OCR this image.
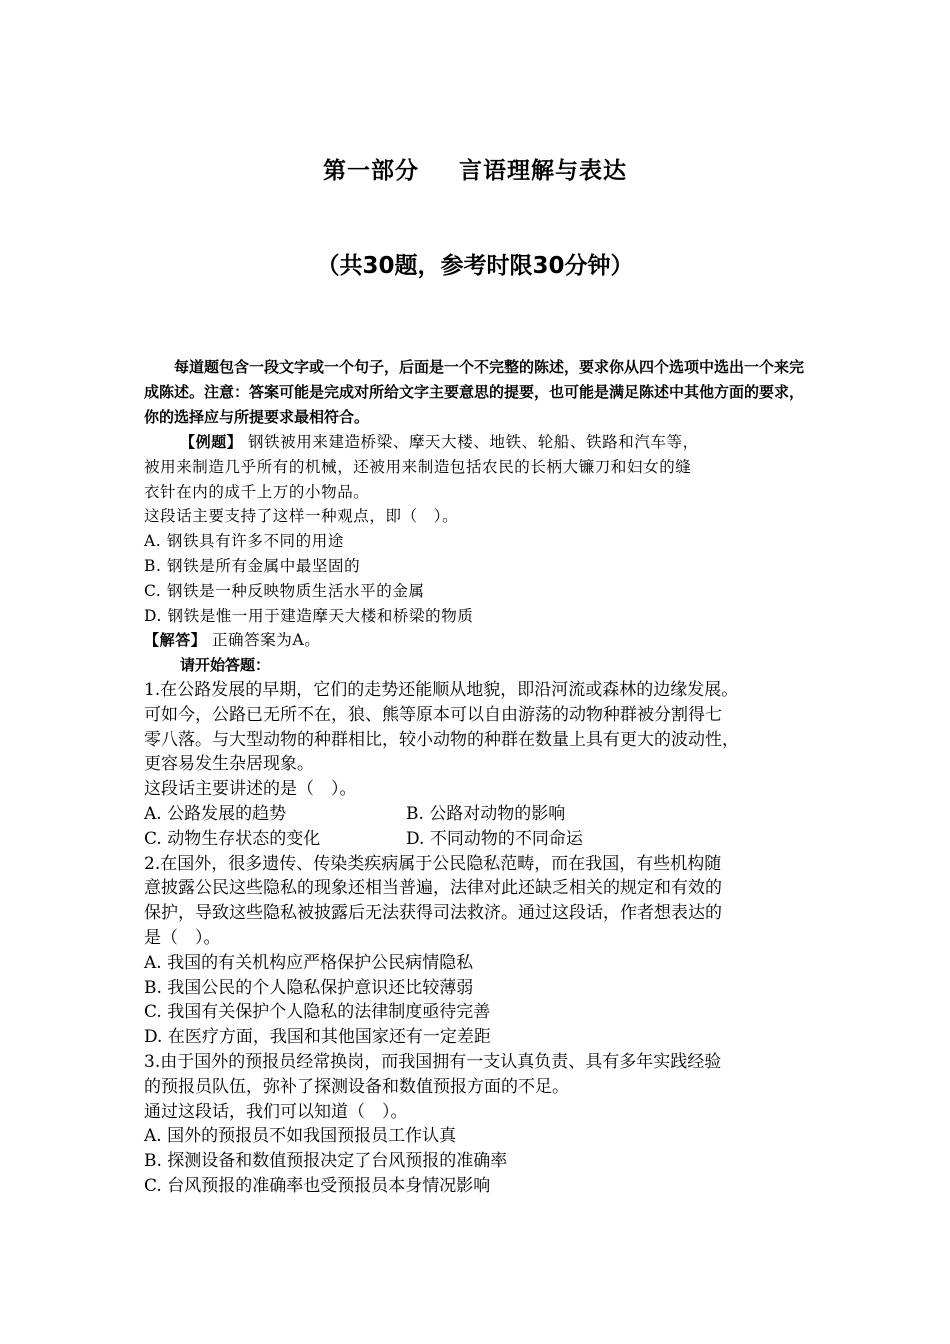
第一部分 言语理解与表达
（共30题，参考时限30分钟）
每道题包含一段文字或一个句子，后面是一个不完整的陈述，要求你从四个选项中选出一个来完成陈述。注意：答案可能是完成对所给文字主要意思的提要，也可能是满足陈述中其他方面的要求，你的选择应与所提要求最相符合。
【例题】 钢铁被用来建造桥梁、摩天大楼、地铁、轮船、铁路和汽车等，
被用来制造几乎所有的机械，还被用来制造包括农民的长柄大镰刀和妇女的缝
衣针在内的成千上万的小物品。
这段话主要支持了这样一种观点，即（　）。
A. 钢铁具有许多不同的用途
B. 钢铁是所有金属中最坚固的
C. 钢铁是一种反映物质生活水平的金属
D. 钢铁是惟一用于建造摩天大楼和桥梁的物质
【解答】 正确答案为A。
请开始答题：
1.在公路发展的早期，它们的走势还能顺从地貌，即沿河流或森林的边缘发展。
可如今，公路已无所不在，狼、熊等原本可以自由游荡的动物种群被分割得七
零八落。与大型动物的种群相比，较小动物的种群在数量上具有更大的波动性，
更容易发生杂居现象。
这段话主要讲述的是（　）。
A. 公路发展的趋势	B. 公路对动物的影响
C. 动物生存状态的变化	D. 不同动物的不同命运
2.在国外，很多遗传、传染类疾病属于公民隐私范畴，而在我国，有些机构随
意披露公民这些隐私的现象还相当普遍，法律对此还缺乏相关的规定和有效的
保护，导致这些隐私被披露后无法获得司法救济。通过这段话，作者想表达的
是（　）。
A. 我国的有关机构应严格保护公民病情隐私
B. 我国公民的个人隐私保护意识还比较薄弱
C. 我国有关保护个人隐私的法律制度亟待完善
D. 在医疗方面，我国和其他国家还有一定差距
3.由于国外的预报员经常换岗，而我国拥有一支认真负责、具有多年实践经验
的预报员队伍，弥补了探测设备和数值预报方面的不足。
通过这段话，我们可以知道（　）。
A. 国外的预报员不如我国预报员工作认真
B. 探测设备和数值预报决定了台风预报的准确率
C. 台风预报的准确率也受预报员本身情况影响
